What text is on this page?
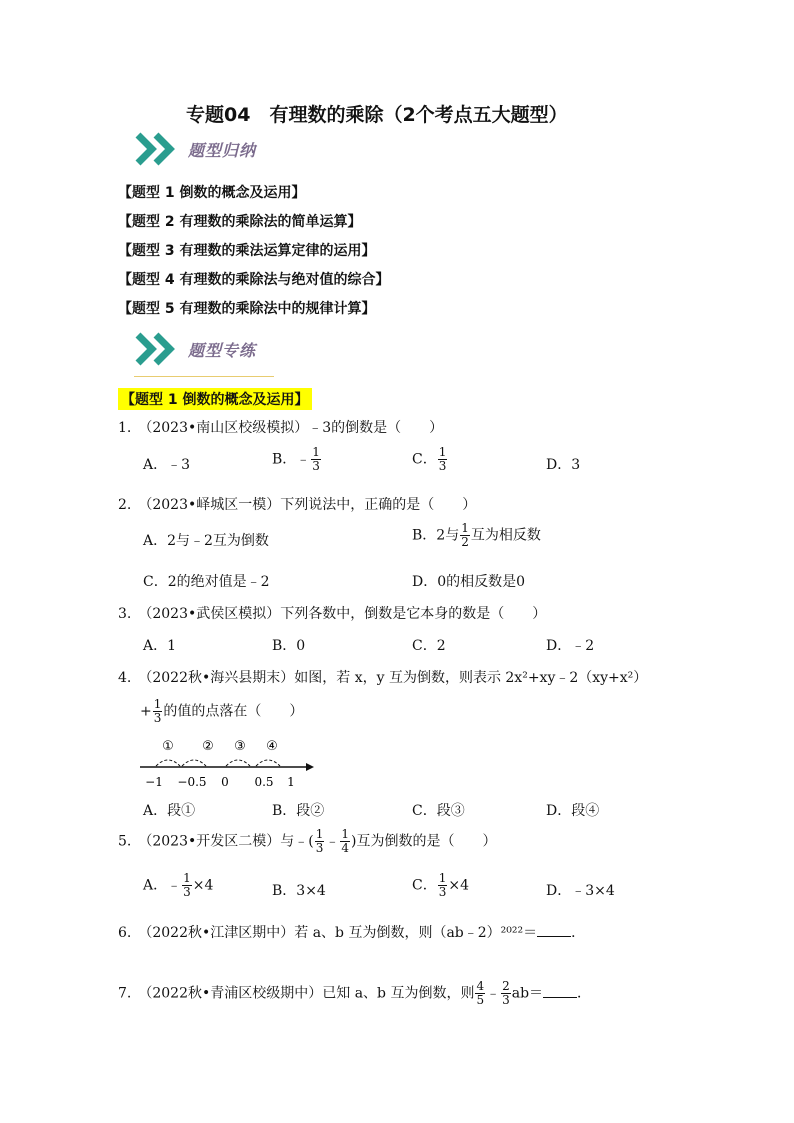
专题04　有理数的乘除（2个考点五大题型）
题型归纳
【题型 1 倒数的概念及运用】
【题型 2 有理数的乘除法的简单运算】
【题型 3 有理数的乘法运算定律的运用】
【题型 4 有理数的乘除法与绝对值的综合】
【题型 5 有理数的乘除法中的规律计算】
题型专练
【题型 1 倒数的概念及运用】
1.　（2023•南山区校级模拟）﹣3的倒数是（　　）
A．﹣3	B．﹣ $\frac{1}{3}$	C． $\frac{1}{3}$	D．3
2.　（2023•峄城区一模）下列说法中，正确的是（　　）
A．2与﹣2互为倒数	B．2与 $\frac{1}{2}$ 互为相反数
C．2的绝对值是﹣2	D．0的相反数是0
3.　（2023•武侯区模拟）下列各数中，倒数是它本身的数是（　　）
A．1	B．0	C．2	D．﹣2
4.　（2022秋•海兴县期末）如图，若 x，y 互为倒数，则表示 2x²+xy﹣2（xy+x²）
+ $\frac{1}{3}$ 的值的点落在（　　）
① ② ③ ④
−1 −0.5 0 0.5 1
A．段①	B．段②	C．段③	D．段④
5.　（2023•开发区二模）与﹣( $\frac{1}{3}$ ﹣ $\frac{1}{4}$ )互为倒数的是（　　）
A．﹣ $\frac{1}{3} \times 4$	B．3×4	C． $\frac{1}{3} \times 4$	D．﹣3×4
6.　（2022秋•江津区期中）若 a、b 互为倒数，则（ab﹣2）²⁰²²＝ ．
7.　（2022秋•青浦区校级期中）已知 a、b 互为倒数，则 $\frac{4}{5}$ ﹣ $\frac{2}{3} ab=$ ．
